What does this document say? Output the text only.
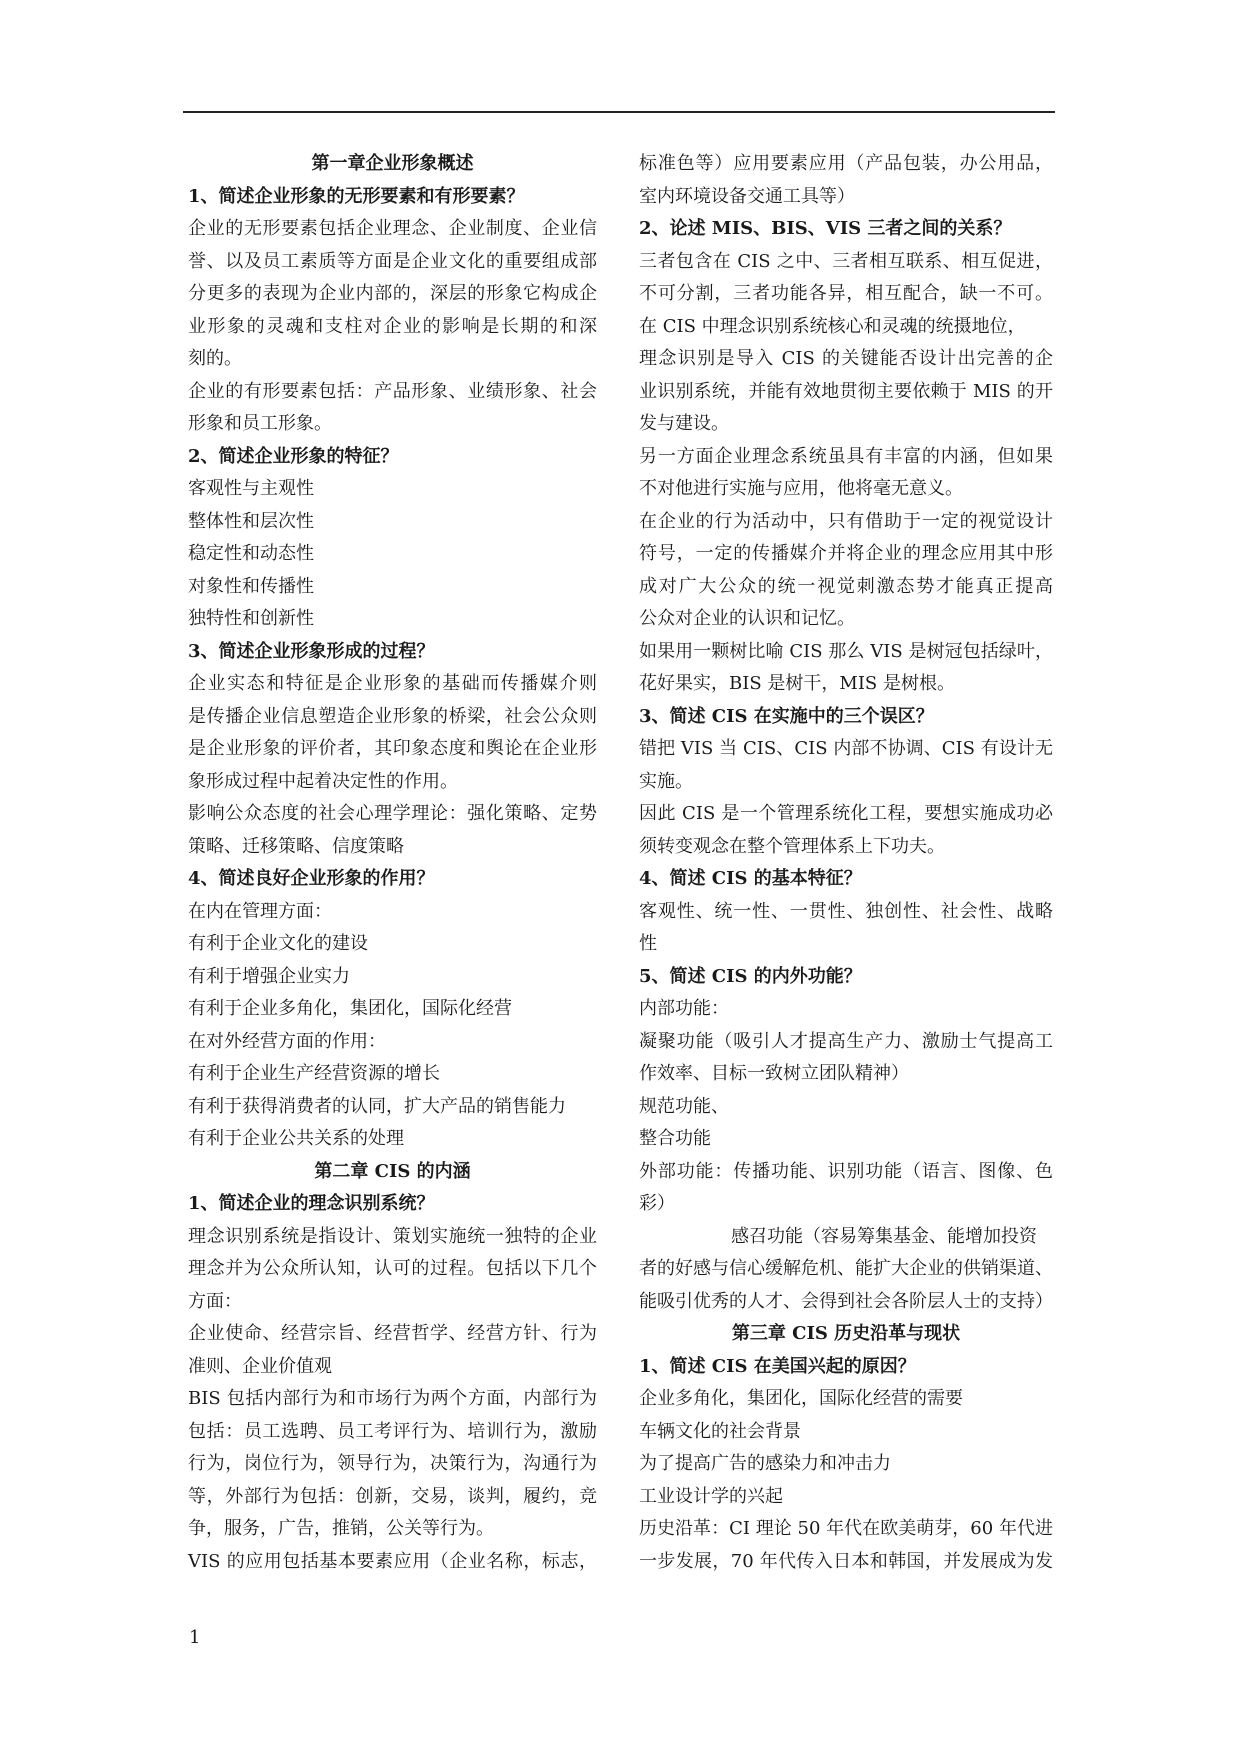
第一章企业形象概述
1、简述企业形象的无形要素和有形要素？
企业的无形要素包括企业理念、企业制度、企业信
誉、以及员工素质等方面是企业文化的重要组成部
分更多的表现为企业内部的，深层的形象它构成企
业形象的灵魂和支柱对企业的影响是长期的和深
刻的。
企业的有形要素包括：产品形象、业绩形象、社会
形象和员工形象。
2、简述企业形象的特征？
客观性与主观性
整体性和层次性
稳定性和动态性
对象性和传播性
独特性和创新性
3、简述企业形象形成的过程？
企业实态和特征是企业形象的基础而传播媒介则
是传播企业信息塑造企业形象的桥梁，社会公众则
是企业形象的评价者，其印象态度和舆论在企业形
象形成过程中起着决定性的作用。
影响公众态度的社会心理学理论：强化策略、定势
策略、迁移策略、信度策略
4、简述良好企业形象的作用？
在内在管理方面：
有利于企业文化的建设
有利于增强企业实力
有利于企业多角化，集团化，国际化经营
在对外经营方面的作用：
有利于企业生产经营资源的增长
有利于获得消费者的认同，扩大产品的销售能力
有利于企业公共关系的处理
第二章 CIS 的内涵
1、简述企业的理念识别系统？
理念识别系统是指设计、策划实施统一独特的企业
理念并为公众所认知，认可的过程。包括以下几个
方面：
企业使命、经营宗旨、经营哲学、经营方针、行为
准则、企业价值观
BIS 包括内部行为和市场行为两个方面，内部行为
包括：员工选聘、员工考评行为、培训行为，激励
行为，岗位行为，领导行为，决策行为，沟通行为
等，外部行为包括：创新，交易，谈判，履约，竞
争，服务，广告，推销，公关等行为。
VIS 的应用包括基本要素应用（企业名称，标志，
标准色等）应用要素应用（产品包装，办公用品，
室内环境设备交通工具等）
2、论述 MIS、BIS、VIS 三者之间的关系？
三者包含在 CIS 之中、三者相互联系、相互促进，
不可分割，三者功能各异，相互配合，缺一不可。
在 CIS 中理念识别系统核心和灵魂的统摄地位，
理念识别是导入 CIS 的关键能否设计出完善的企
业识别系统，并能有效地贯彻主要依赖于 MIS 的开
发与建设。
另一方面企业理念系统虽具有丰富的内涵，但如果
不对他进行实施与应用，他将毫无意义。
在企业的行为活动中，只有借助于一定的视觉设计
符号，一定的传播媒介并将企业的理念应用其中形
成对广大公众的统一视觉刺激态势才能真正提高
公众对企业的认识和记忆。
如果用一颗树比喻 CIS 那么 VIS 是树冠包括绿叶，
花好果实，BIS 是树干，MIS 是树根。
3、简述 CIS 在实施中的三个误区？
错把 VIS 当 CIS、CIS 内部不协调、CIS 有设计无
实施。
因此 CIS 是一个管理系统化工程，要想实施成功必
须转变观念在整个管理体系上下功夫。
4、简述 CIS 的基本特征？
客观性、统一性、一贯性、独创性、社会性、战略
性
5、简述 CIS 的内外功能？
内部功能：
凝聚功能（吸引人才提高生产力、激励士气提高工
作效率、目标一致树立团队精神）
规范功能、
整合功能
外部功能：传播功能、识别功能（语言、图像、色
彩）
感召功能（容易筹集基金、能增加投资
者的好感与信心缓解危机、能扩大企业的供销渠道、
能吸引优秀的人才、会得到社会各阶层人士的支持）
第三章 CIS 历史沿革与现状
1、简述 CIS 在美国兴起的原因？
企业多角化，集团化，国际化经营的需要
车辆文化的社会背景
为了提高广告的感染力和冲击力
工业设计学的兴起
历史沿革：CI 理论 50 年代在欧美萌芽，60 年代进
一步发展，70 年代传入日本和韩国，并发展成为发
1
